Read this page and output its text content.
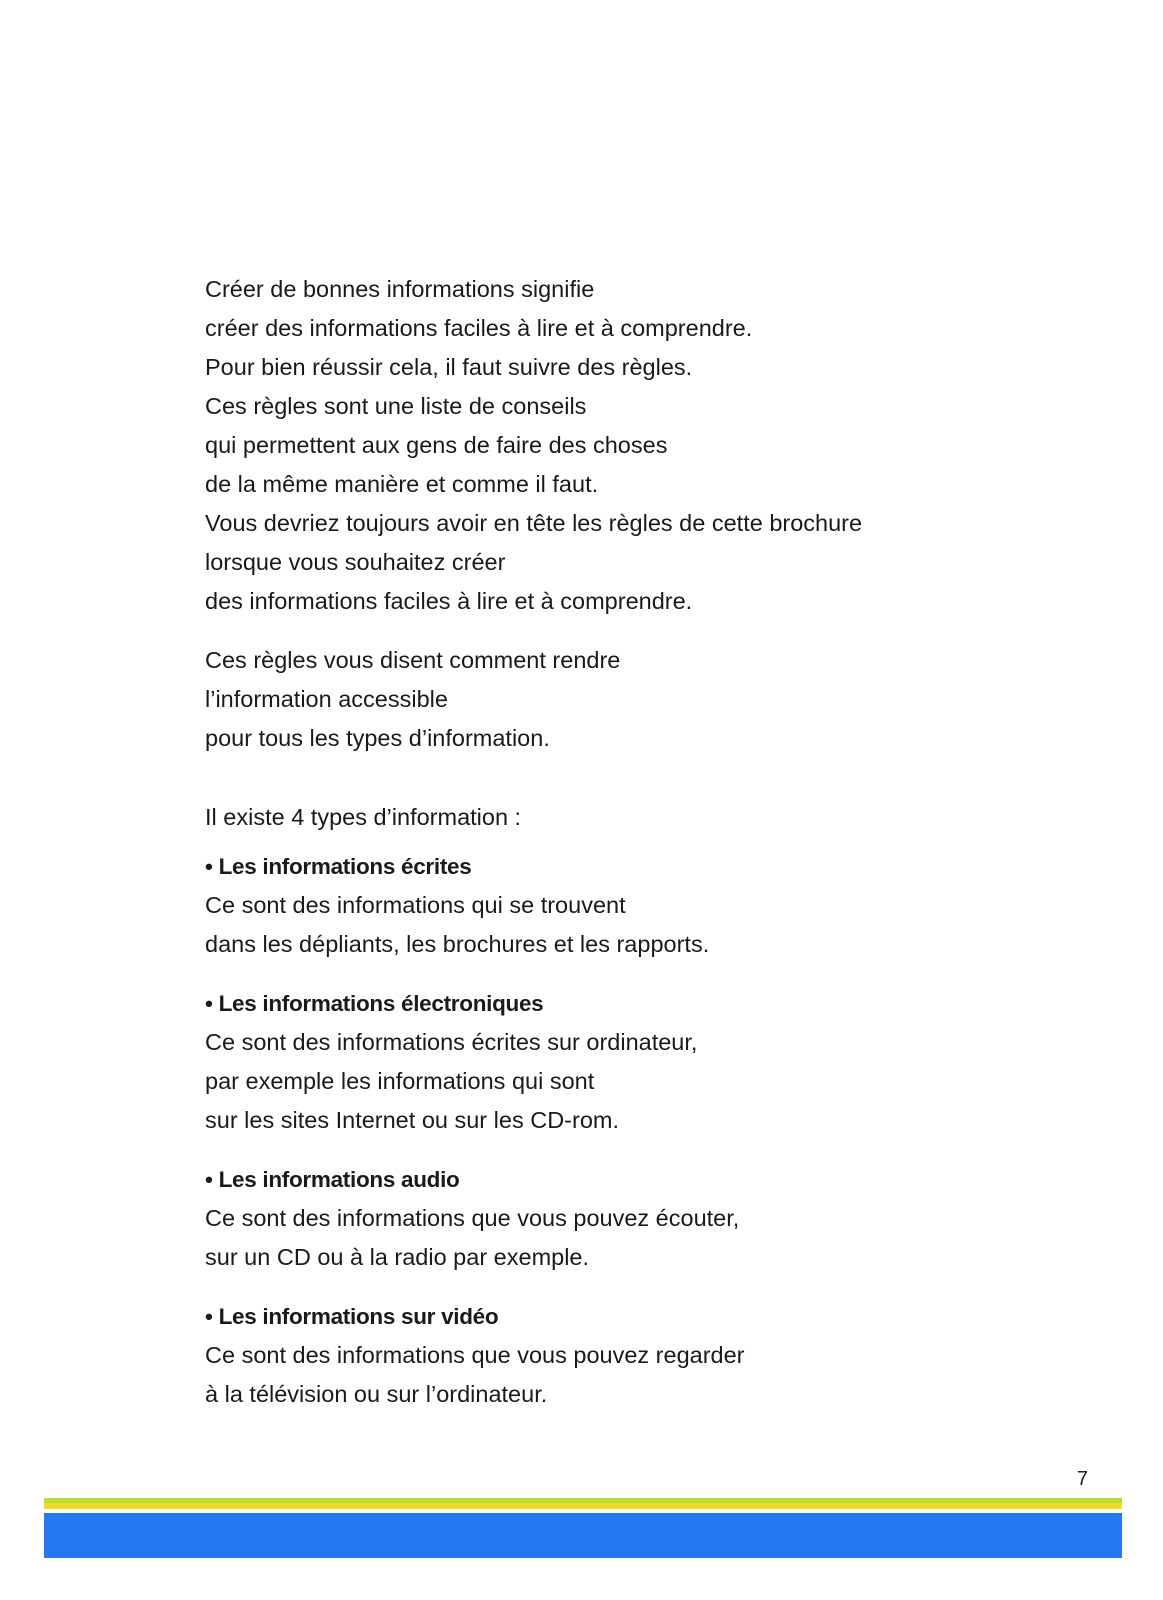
Créer de bonnes informations signifie

créer des informations faciles à lire et à comprendre.

Pour bien réussir cela, il faut suivre des règles.

Ces règles sont une liste de conseils

qui permettent aux gens de faire des choses

de la même manière et comme il faut.

Vous devriez toujours avoir en tête les règles de cette brochure

lorsque vous souhaitez créer

des informations faciles à lire et à comprendre.

Ces règles vous disent comment rendre

l’information accessible

pour tous les types d’information.

Il existe 4 types d’information :

• Les informations écrites

Ce sont des informations qui se trouvent

dans les dépliants, les brochures et les rapports.

• Les informations électroniques

Ce sont des informations écrites sur ordinateur,

par exemple les informations qui sont

sur les sites Internet ou sur les CD-rom.

• Les informations audio

Ce sont des informations que vous pouvez écouter,

sur un CD ou à la radio par exemple.

• Les informations sur vidéo

Ce sont des informations que vous pouvez regarder

à la télévision ou sur l’ordinateur.

7
